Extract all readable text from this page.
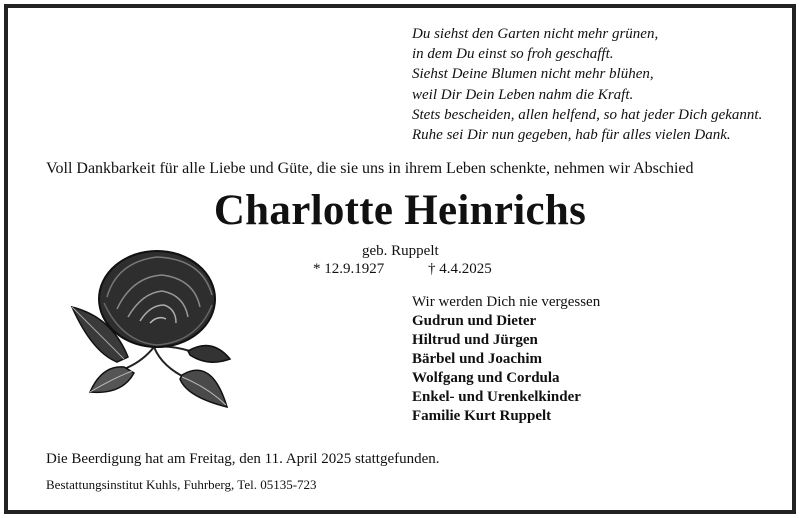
Du siehst den Garten nicht mehr grünen,
in dem Du einst so froh geschafft.
Siehst Deine Blumen nicht mehr blühen,
weil Dir Dein Leben nahm die Kraft.
Stets bescheiden, allen helfend, so hat jeder Dich gekannt.
Ruhe sei Dir nun gegeben, hab für alles vielen Dank.
Voll Dankbarkeit für alle Liebe und Güte, die sie uns in ihrem Leben schenkte, nehmen wir Abschied
Charlotte Heinrichs
geb. Ruppelt
* 12.9.1927	† 4.4.2025
Wir werden Dich nie vergessen
Gudrun und Dieter
Hiltrud und Jürgen
Bärbel und Joachim
Wolfgang und Cordula
Enkel- und Urenkelkinder
Familie Kurt Ruppelt
Die Beerdigung hat am Freitag, den 11. April 2025 stattgefunden.
Bestattungsinstitut Kuhls, Fuhrberg, Tel. 05135-723
